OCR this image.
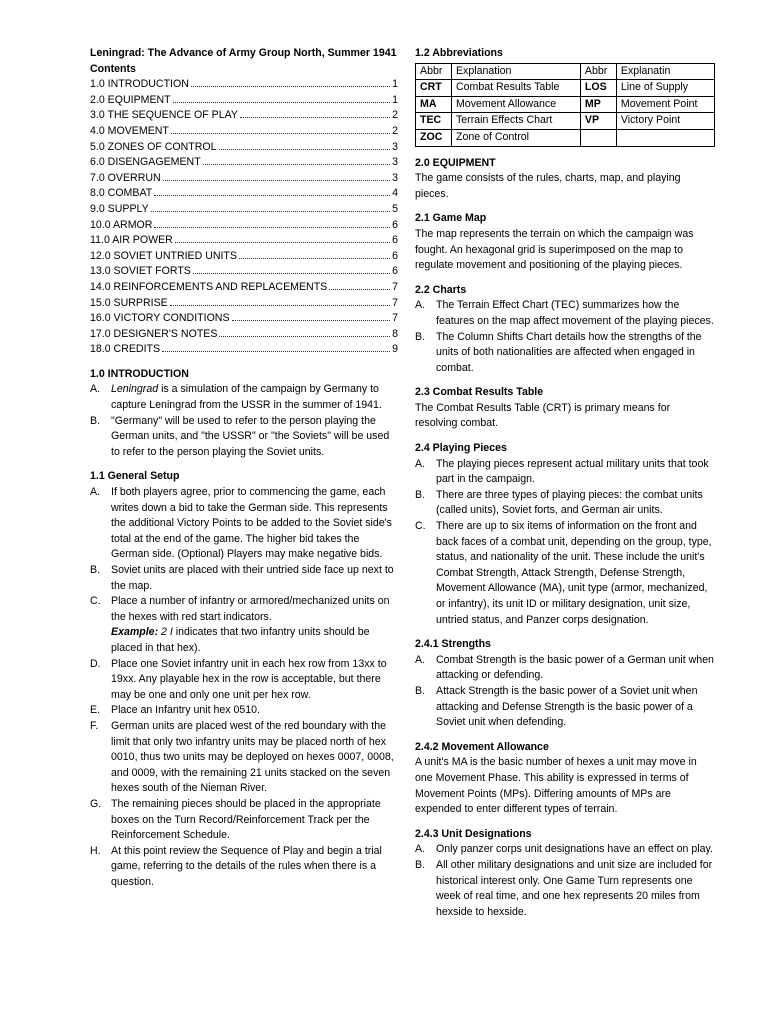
Leningrad: The Advance of Army Group North, Summer 1941
Contents
1.0 INTRODUCTION	1
2.0 EQUIPMENT	1
3.0 THE SEQUENCE OF PLAY	2
4.0 MOVEMENT	2
5.0 ZONES OF CONTROL	3
6.0 DISENGAGEMENT	3
7.0 OVERRUN	3
8.0 COMBAT	4
9.0 SUPPLY	5
10.0 ARMOR	6
11.0 AIR POWER	6
12.0 SOVIET UNTRIED UNITS	6
13.0 SOVIET FORTS	6
14.0 REINFORCEMENTS AND REPLACEMENTS	7
15.0 SURPRISE	7
16.0 VICTORY CONDITIONS	7
17.0 DESIGNER'S NOTES	8
18.0 CREDITS	9
1.0 INTRODUCTION
A.	Leningrad is a simulation of the campaign by Germany to capture Leningrad from the USSR in the summer of 1941.
B.	"Germany" will be used to refer to the person playing the German units, and "the USSR" or "the Soviets" will be used to refer to the person playing the Soviet units.
1.1 General Setup
A.	If both players agree, prior to commencing the game, each writes down a bid to take the German side. This represents the additional Victory Points to be added to the Soviet side's total at the end of the game. The higher bid takes the German side. (Optional) Players may make negative bids.
B.	Soviet units are placed with their untried side face up next to the map.
C. Place a number of infantry or armored/mechanized units on the hexes with red start indicators.
Example: 2 I indicates that two infantry units should be placed in that hex).
D. Place one Soviet infantry unit in each hex row from 13xx to 19xx. Any playable hex in the row is acceptable, but there may be one and only one unit per hex row.
E.	Place an Infantry unit hex 0510.
F.	German units are placed west of the red boundary with the limit that only two infantry units may be placed north of hex 0010, thus two units may be deployed on hexes 0007, 0008, and 0009, with the remaining 21 units stacked on the seven hexes south of the Nieman River.
G. The remaining pieces should be placed in the appropriate boxes on the Turn Record/Reinforcement Track per the Reinforcement Schedule.
H. At this point review the Sequence of Play and begin a trial game, referring to the details of the rules when there is a question.
1.2 Abbreviations
Abbr	Explanation	Abbr	Explanatin
CRT	Combat Results Table	LOS	Line of Supply
MA	Movement Allowance	MP	Movement Point
TEC	Terrain Effects Chart	VP	Victory Point
ZOC	Zone of Control		
2.0 EQUIPMENT

The game consists of the rules, charts, map, and playing pieces.

2.1 Game Map

The map represents the terrain on which the campaign was fought. An hexagonal grid is superimposed on the map to regulate movement and positioning of the playing pieces.

2.2 Charts
A.	The Terrain Effect Chart (TEC) summarizes how the features on the map affect movement of the playing pieces.
B.	The Column Shifts Chart details how the strengths of the units of both nationalities are affected when engaged in combat.
2.3 Combat Results Table

The Combat Results Table (CRT) is primary means for resolving combat.

2.4 Playing Pieces
A.	The playing pieces represent actual military units that took part in the campaign.
B.	There are three types of playing pieces: the combat units (called units), Soviet forts, and German air units.
C. There are up to six items of information on the front and back faces of a combat unit, depending on the group, type, status, and nationality of the unit. These include the unit's Combat Strength, Attack Strength, Defense Strength, Movement Allowance (MA), unit type (armor, mechanized, or infantry), its unit ID or military designation, unit size, untried status, and Panzer corps designation.
2.4.1 Strengths
A.	Combat Strength is the basic power of a German unit when attacking or defending.
B.	Attack Strength is the basic power of a Soviet unit when attacking and Defense Strength is the basic power of a Soviet unit when defending.
2.4.2 Movement Allowance

A unit's MA is the basic number of hexes a unit may move in one Movement Phase. This ability is expressed in terms of Movement Points (MPs). Differing amounts of MPs are expended to enter different types of terrain.

2.4.3 Unit Designations
A.	Only panzer corps unit designations have an effect on play.
B.	All other military designations and unit size are included for historical interest only. One Game Turn represents one week of real time, and one hex represents 20 miles from hexside to hexside.
